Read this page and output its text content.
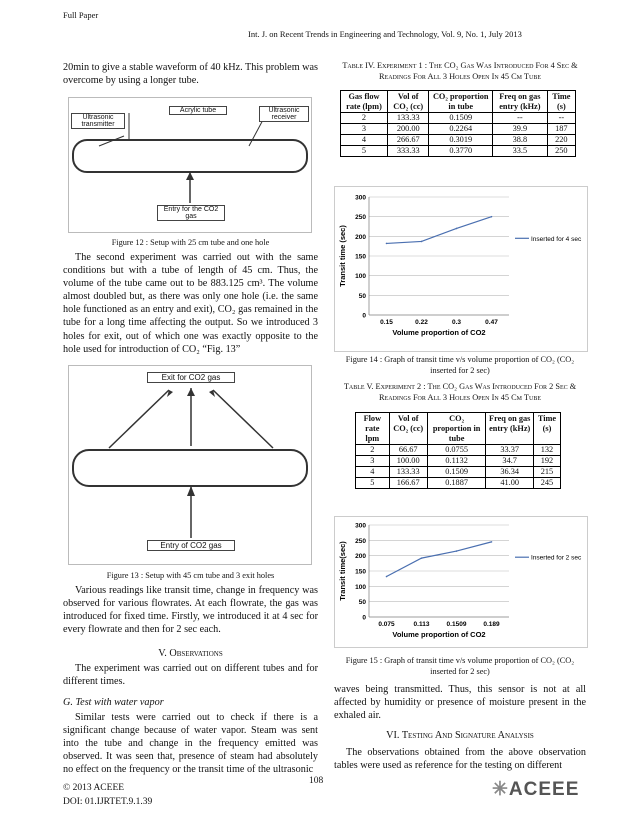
Full Paper
Int. J. on Recent Trends in Engineering and Technology, Vol. 9, No. 1, July 2013
20min to give a stable waveform of 40 kHz. This problem was overcome by using a longer tube.
Acrylic tube
Ultrasonic transmitter
Ultrasonic receiver
Entry for the CO2 gas
Figure 12 : Setup with 25 cm tube and one hole
The second experiment was carried out with the same conditions but with a tube of length of 45 cm. Thus, the volume of the tube came out to be 883.125 cm³. The volume almost doubled but, as there was only one hole (i.e. the same hole functioned as an entry and exit), CO₂ gas remained in the tube for a long time affecting the output. So we introduced 3 holes for exit, out of which one was exactly opposite to the hole used for introduction of CO₂ “Fig. 13”
Exit for CO2 gas
Entry of CO2 gas
Figure 13 : Setup with 45 cm tube and 3 exit holes
Various readings like transit time, change in frequency was observed for various flowrates. At each flowrate, the gas was introduced for fixed time. Firstly, we introduced it at 4 sec for every flowrate and then for 2 sec each.
V. Observations
The experiment was carried out on different tubes and for different times.
G. Test with water vapor
Similar tests were carried out to check if there is a significant change because of water vapor. Steam was sent into the tube and change in the frequency emitted was observed. It was seen that, presence of steam had absolutely no effect on the frequency or the transit time of the ultrasonic
Table IV. Experiment 1 : The CO₂ Gas Was Introduced For 4 Sec & Readings For All 3 Holes Open In 45 Cm Tube
Gas flow rate (lpm)	Vol of CO₂ (cc)	CO₂ proportion in tube	Freq on gas entry (kHz)	Time (s)
2	133.33	0.1509	--	--
3	200.00	0.2264	39.9	187
4	266.67	0.3019	38.8	220
5	333.33	0.3770	33.5	250
0
50
100
150
200
250
300
0.15	0.22	0.3	0.47
Inserted for 4 sec
Volume proportion of CO2
Transit time (sec)
Figure 14 : Graph of transit time v/s volume proportion of CO₂ (CO₂ inserted for 2 sec)
Table V. Experiment 2 : The CO₂ Gas Was Introduced For 2 Sec & Readings For All 3 Holes Open In 45 Cm Tube
Flow rate lpm	Vol of CO₂ (cc)	CO₂ proportion in tube	Freq on gas entry (kHz)	Time (s)
2	66.67	0.0755	33.37	132
3	100.00	0.1132	34.7	192
4	133.33	0.1509	36.34	215
5	166.67	0.1887	41.00	245
0
50
100
150
200
250
300
0.075	0.113	0.1509	0.189
Inserted for 2 sec
Volume proportion of CO2
Transit time(sec)
Figure 15 : Graph of transit time v/s volume proportion of CO₂ (CO₂ inserted for 2 sec)
waves being transmitted. Thus, this sensor is not at all affected by humidity or presence of moisture present in the exhaled air.
VI. Testing And Signature Analysis
The observations obtained from the above observation tables were used as reference for the testing on different
© 2013 ACEEE
DOI: 01.IJRTET.9.1.39
108	✳ACEEE
